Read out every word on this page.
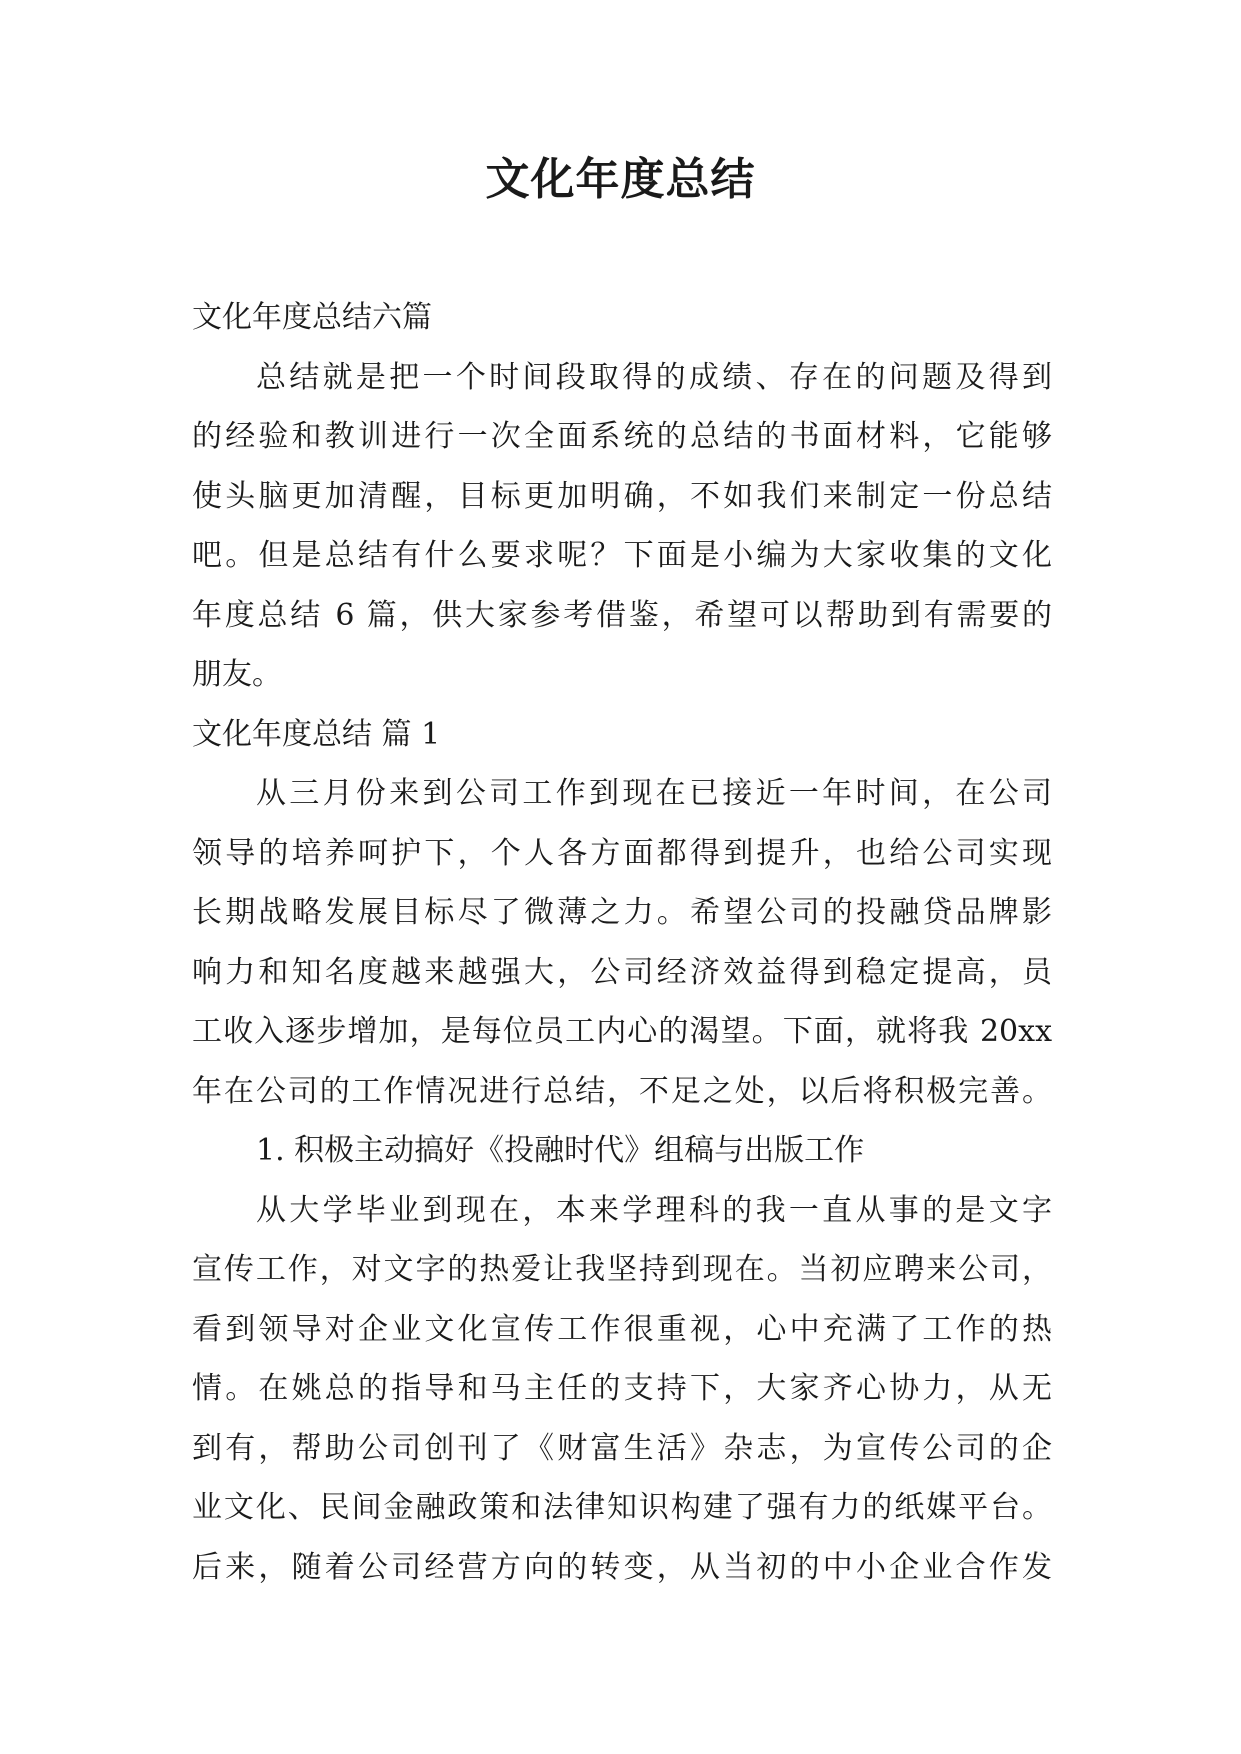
文化年度总结
文化年度总结六篇
总结就是把一个时间段取得的成绩、存在的问题及得到
的经验和教训进行一次全面系统的总结的书面材料，它能够
使头脑更加清醒，目标更加明确，不如我们来制定一份总结
吧。但是总结有什么要求呢？下面是小编为大家收集的文化
年度总结 6 篇，供大家参考借鉴，希望可以帮助到有需要的
朋友。
文化年度总结 篇 1
从三月份来到公司工作到现在已接近一年时间，在公司
领导的培养呵护下，个人各方面都得到提升，也给公司实现
长期战略发展目标尽了微薄之力。希望公司的投融贷品牌影
响力和知名度越来越强大，公司经济效益得到稳定提高，员
工收入逐步增加，是每位员工内心的渴望。下面，就将我 20xx
年在公司的工作情况进行总结，不足之处，以后将积极完善。
1. 积极主动搞好《投融时代》组稿与出版工作
从大学毕业到现在，本来学理科的我一直从事的是文字
宣传工作，对文字的热爱让我坚持到现在。当初应聘来公司，
看到领导对企业文化宣传工作很重视，心中充满了工作的热
情。在姚总的指导和马主任的支持下，大家齐心协力，从无
到有，帮助公司创刊了《财富生活》杂志，为宣传公司的企
业文化、民间金融政策和法律知识构建了强有力的纸媒平台。
后来，随着公司经营方向的转变，从当初的中小企业合作发
